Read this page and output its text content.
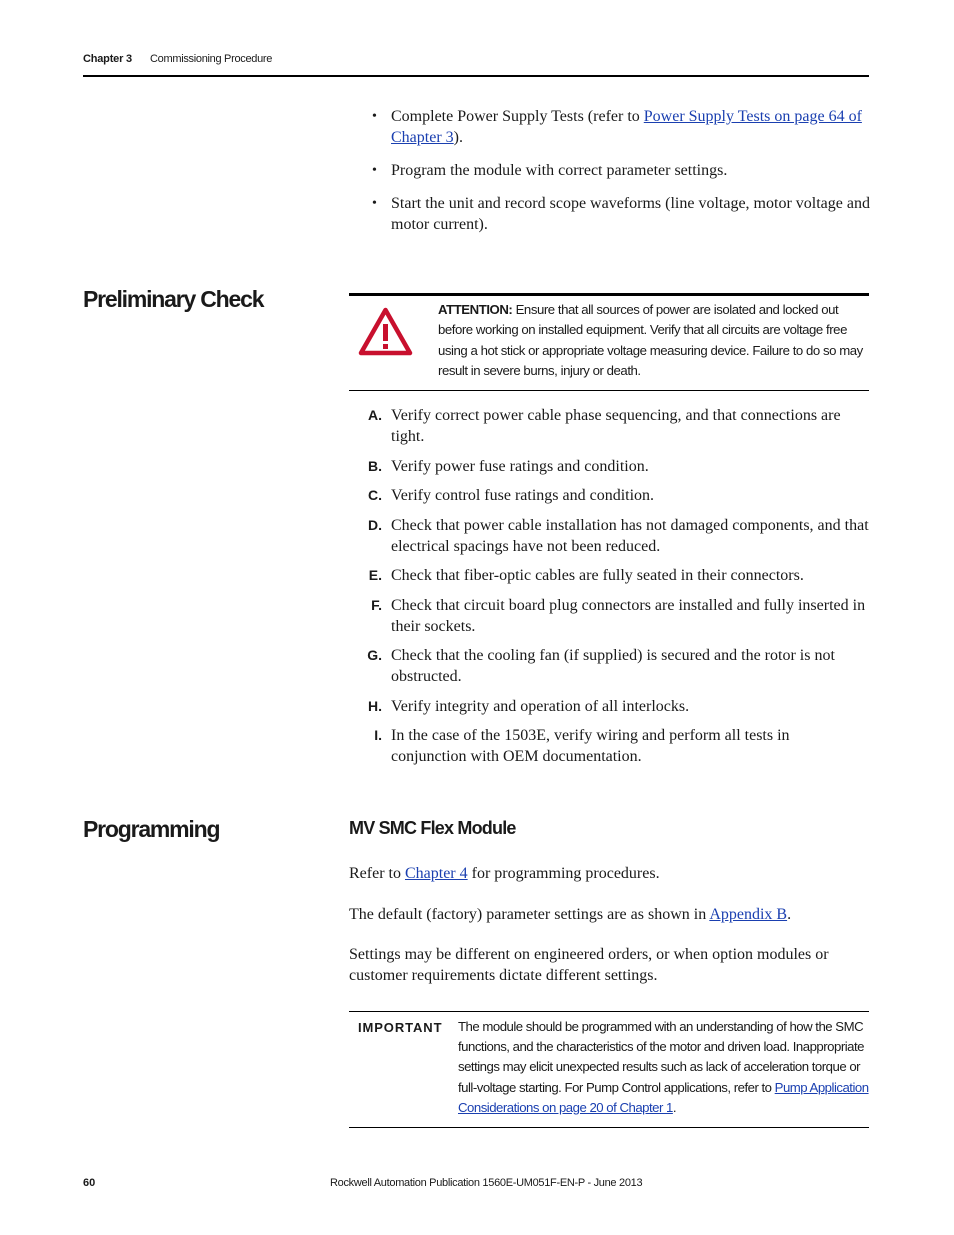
Chapter 3 Commissioning Procedure
• Complete Power Supply Tests (refer to Power Supply Tests on page 64 of Chapter 3).
• Program the module with correct parameter settings.
• Start the unit and record scope waveforms (line voltage, motor voltage and motor current).
Preliminary Check	ATTENTION: Ensure that all sources of power are isolated and locked out before working on installed equipment. Verify that all circuits are voltage free using a hot stick or appropriate voltage measuring device. Failure to do so may result in severe burns, injury or death.
A. Verify correct power cable phase sequencing, and that connections are tight.
B. Verify power fuse ratings and condition.
C. Verify control fuse ratings and condition.
D. Check that power cable installation has not damaged components, and that electrical spacings have not been reduced.
E. Check that fiber-optic cables are fully seated in their connectors.
F. Check that circuit board plug connectors are installed and fully inserted in their sockets.
G. Check that the cooling fan (if supplied) is secured and the rotor is not obstructed.
H. Verify integrity and operation of all interlocks.
I. In the case of the 1503E, verify wiring and perform all tests in conjunction with OEM documentation.
Programming	MV SMC Flex Module
Refer to Chapter 4 for programming procedures.
The default (factory) parameter settings are as shown in Appendix B.
Settings may be different on engineered orders, or when option modules or customer requirements dictate different settings.
IMPORTANT The module should be programmed with an understanding of how the SMC functions, and the characteristics of the motor and driven load. Inappropriate settings may elicit unexpected results such as lack of acceleration torque or full-voltage starting. For Pump Control applications, refer to Pump Application Considerations on page 20 of Chapter 1.
60	Rockwell Automation Publication 1560E-UM051F-EN-P - June 2013
